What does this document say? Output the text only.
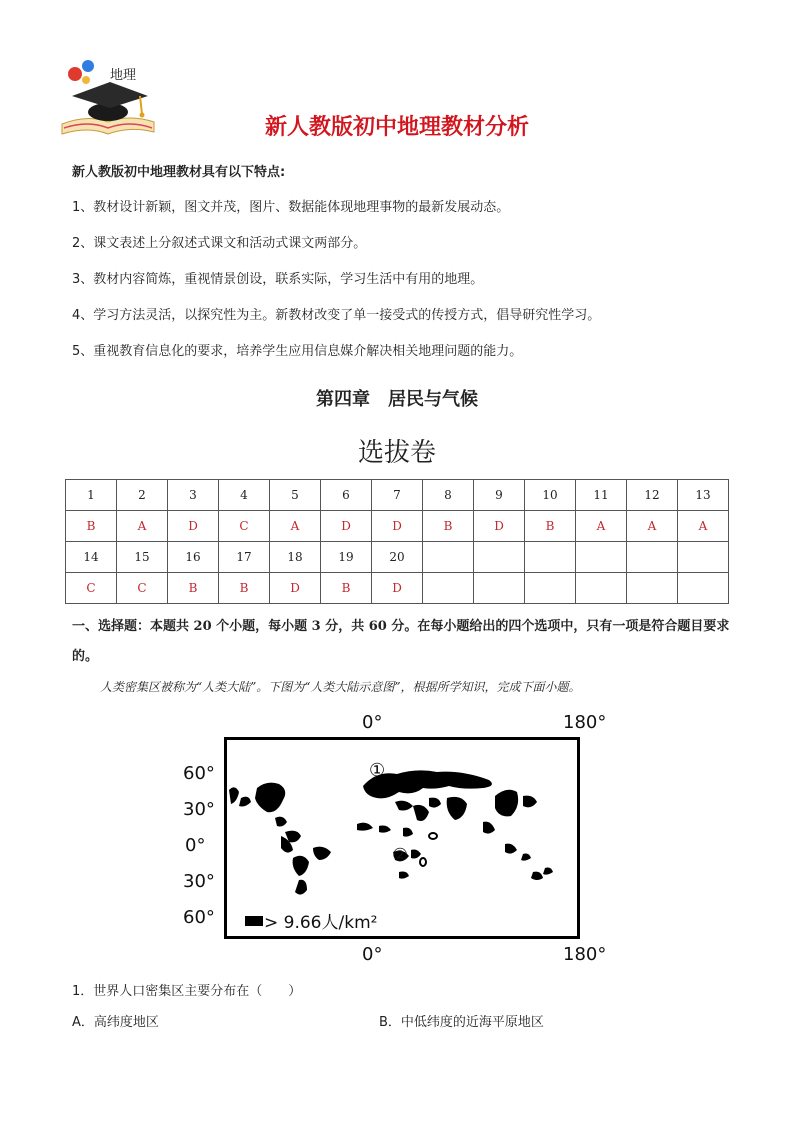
地理
新人教版初中地理教材分析
新人教版初中地理教材具有以下特点:
1、教材设计新颖，图文并茂，图片、数据能体现地理事物的最新发展动态。
2、课文表述上分叙述式课文和活动式课文两部分。
3、教材内容简炼，重视情景创设，联系实际，学习生活中有用的地理。
4、学习方法灵活，以探究性为主。新教材改变了单一接受式的传授方式，倡导研究性学习。
5、重视教育信息化的要求，培养学生应用信息媒介解决相关地理问题的能力。
第四章　居民与气候
选拔卷
1	2	3	4	5	6	7	8	9	10	11	12	13
B	A	D	C	A	D	D	B	D	B	A	A	A
14	15	16	17	18	19	20						
C	C	B	B	D	B	D						
一、选择题：本题共 20 个小题，每小题 3 分，共 60 分。在每小题给出的四个选项中，只有一项是符合题目要求的。
人类密集区被称为“人类大陆”。下图为“人类大陆示意图”，根据所学知识，完成下面小题。
0°	180°
0°	180°
60°
30°
0°
30°
60°
①
②
> 9.66人/km²
1．世界人口密集区主要分布在（　　）
A．高纬度地区	B．中低纬度的近海平原地区
